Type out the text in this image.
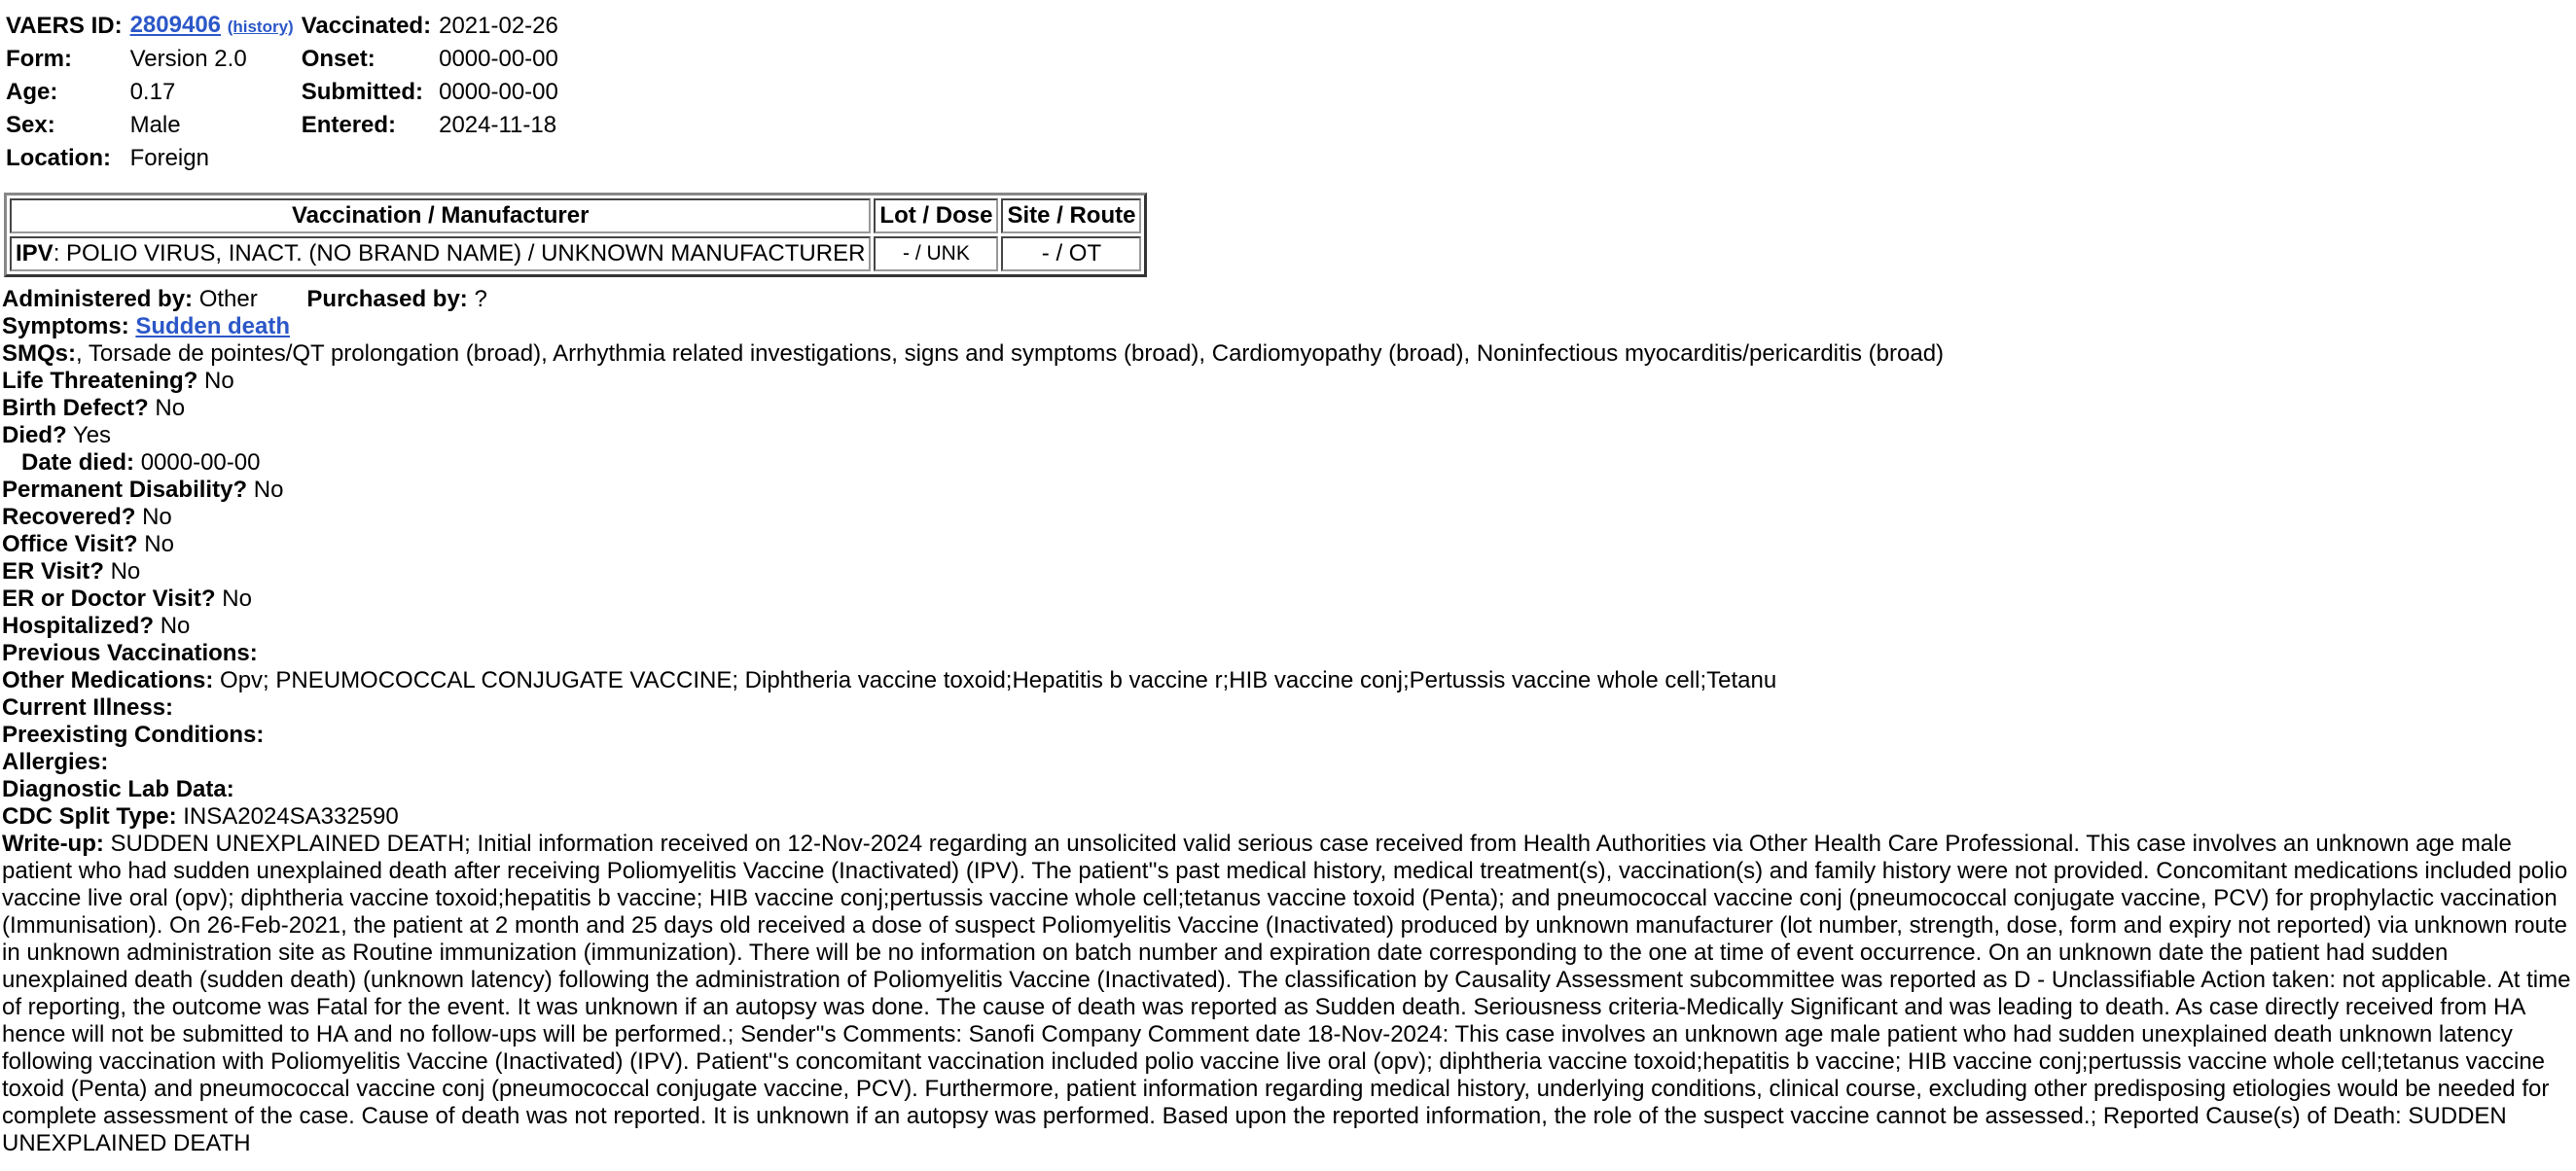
VAERS ID:	2809406 (history)	Vaccinated:	2021-02-26
Form:	Version 2.0	Onset:	0000-00-00
Age:	0.17	Submitted:	0000-00-00
Sex:	Male	Entered:	2024-11-18
Location:	Foreign		
Vaccination / Manufacturer	Lot / Dose	Site / Route
IPV: POLIO VIRUS, INACT. (NO BRAND NAME) / UNKNOWN MANUFACTURER	- / UNK	- / OT
Administered by: Other Purchased by: ?
Symptoms: Sudden death
SMQs:, Torsade de pointes/QT prolongation (broad), Arrhythmia related investigations, signs and symptoms (broad), Cardiomyopathy (broad), Noninfectious myocarditis/pericarditis (broad)
Life Threatening? No
Birth Defect? No
Died? Yes
Date died: 0000-00-00
Permanent Disability? No
Recovered? No
Office Visit? No
ER Visit? No
ER or Doctor Visit? No
Hospitalized? No
Previous Vaccinations:
Other Medications: Opv; PNEUMOCOCCAL CONJUGATE VACCINE; Diphtheria vaccine toxoid;Hepatitis b vaccine r;HIB vaccine conj;Pertussis vaccine whole cell;Tetanu
Current Illness:
Preexisting Conditions:
Allergies:
Diagnostic Lab Data:
CDC Split Type: INSA2024SA332590
Write-up: SUDDEN UNEXPLAINED DEATH; Initial information received on 12-Nov-2024 regarding an unsolicited valid serious case received from Health Authorities via Other Health Care Professional. This case involves an unknown age male patient who had sudden unexplained death after receiving Poliomyelitis Vaccine (Inactivated) (IPV). The patient''s past medical history, medical treatment(s), vaccination(s) and family history were not provided. Concomitant medications included polio vaccine live oral (opv); diphtheria vaccine toxoid;hepatitis b vaccine; HIB vaccine conj;pertussis vaccine whole cell;tetanus vaccine toxoid (Penta); and pneumococcal vaccine conj (pneumococcal conjugate vaccine, PCV) for prophylactic vaccination (Immunisation). On 26-Feb-2021, the patient at 2 month and 25 days old received a dose of suspect Poliomyelitis Vaccine (Inactivated) produced by unknown manufacturer (lot number, strength, dose, form and expiry not reported) via unknown route in unknown administration site as Routine immunization (immunization). There will be no information on batch number and expiration date corresponding to the one at time of event occurrence. On an unknown date the patient had sudden unexplained death (sudden death) (unknown latency) following the administration of Poliomyelitis Vaccine (Inactivated). The classification by Causality Assessment subcommittee was reported as D - Unclassifiable Action taken: not applicable. At time of reporting, the outcome was Fatal for the event. It was unknown if an autopsy was done. The cause of death was reported as Sudden death. Seriousness criteria-Medically Significant and was leading to death. As case directly received from HA hence will not be submitted to HA and no follow-ups will be performed.; Sender''s Comments: Sanofi Company Comment date 18-Nov-2024: This case involves an unknown age male patient who had sudden unexplained death unknown latency following vaccination with Poliomyelitis Vaccine (Inactivated) (IPV). Patient''s concomitant vaccination included polio vaccine live oral (opv); diphtheria vaccine toxoid;hepatitis b vaccine; HIB vaccine conj;pertussis vaccine whole cell;tetanus vaccine toxoid (Penta) and pneumococcal vaccine conj (pneumococcal conjugate vaccine, PCV). Furthermore, patient information regarding medical history, underlying conditions, clinical course, excluding other predisposing etiologies would be needed for complete assessment of the case. Cause of death was not reported. It is unknown if an autopsy was performed. Based upon the reported information, the role of the suspect vaccine cannot be assessed.; Reported Cause(s) of Death: SUDDEN UNEXPLAINED DEATH
